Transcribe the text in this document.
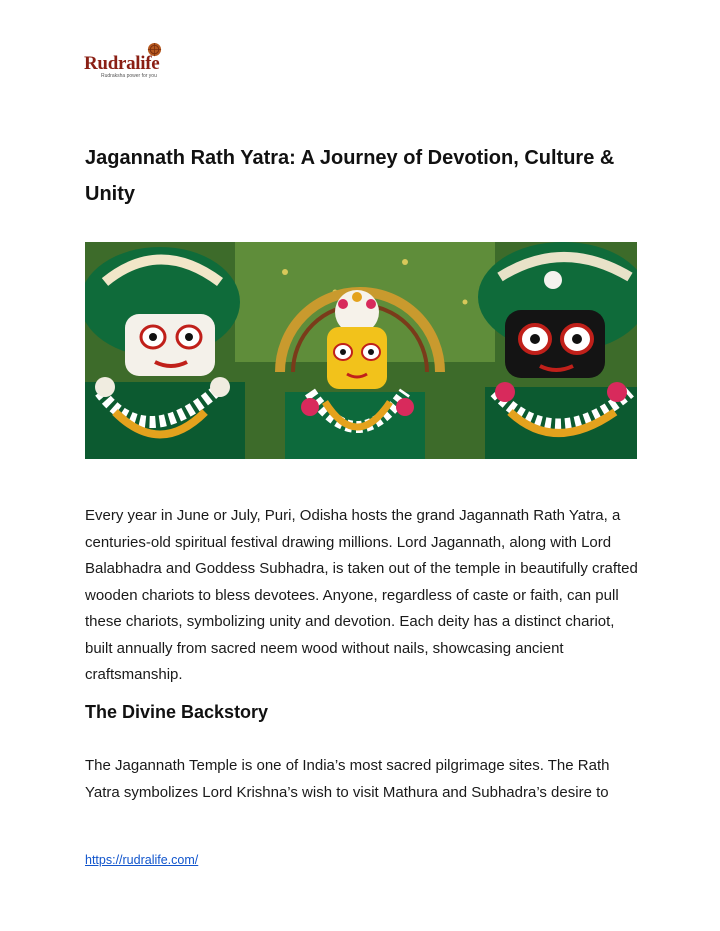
Rudralife
Rudraksha power for you
Jagannath Rath Yatra: A Journey of Devotion, Culture & Unity

Every year in June or July, Puri, Odisha hosts the grand Jagannath Rath Yatra, a centuries-old spiritual festival drawing millions. Lord Jagannath, along with Lord Balabhadra and Goddess Subhadra, is taken out of the temple in beautifully crafted wooden chariots to bless devotees. Anyone, regardless of caste or faith, can pull these chariots, symbolizing unity and devotion. Each deity has a distinct chariot, built annually from sacred neem wood without nails, showcasing ancient craftsmanship.

The Divine Backstory

The Jagannath Temple is one of India’s most sacred pilgrimage sites. The Rath Yatra symbolizes Lord Krishna’s wish to visit Mathura and Subhadra’s desire to

https://rudralife.com/
